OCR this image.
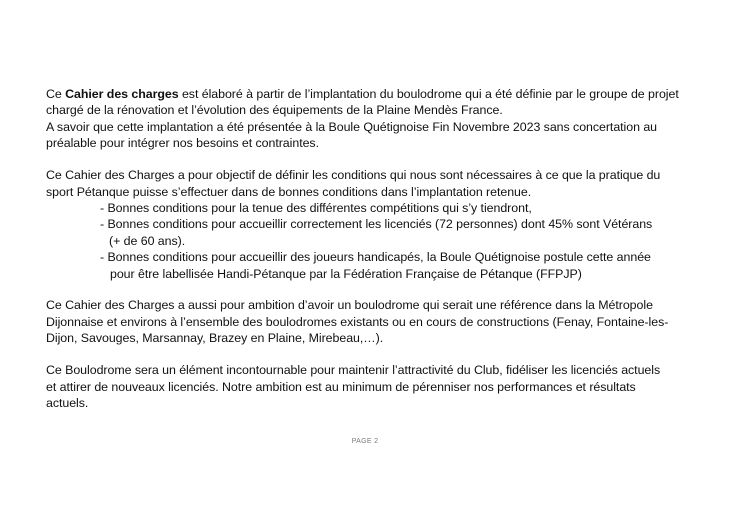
Ce Cahier des charges est élaboré à partir de l’implantation du boulodrome qui a été définie par le groupe de projet
chargé de la rénovation et l’évolution des équipements de la Plaine Mendès France.
A savoir que cette implantation a été présentée à la Boule Quétignoise Fin Novembre 2023 sans concertation au
préalable pour intégrer nos besoins et contraintes.

Ce Cahier des Charges a pour objectif de définir les conditions qui nous sont nécessaires à ce que la pratique du
sport Pétanque puisse s’effectuer dans de bonnes conditions dans l’implantation retenue.
- Bonnes conditions pour la tenue des différentes compétitions qui s’y tiendront,
- Bonnes conditions pour accueillir correctement les licenciés (72 personnes) dont 45% sont Vétérans
(+ de 60 ans).
- Bonnes conditions pour accueillir des joueurs handicapés, la Boule Quétignoise postule cette année
pour être labellisée Handi-Pétanque par la Fédération Française de Pétanque (FFPJP)

Ce Cahier des Charges a aussi pour ambition d’avoir un boulodrome qui serait une référence dans la Métropole
Dijonnaise et environs à l’ensemble des boulodromes existants ou en cours de constructions (Fenay, Fontaine-les-
Dijon, Savouges, Marsannay, Brazey en Plaine, Mirebeau,…).

Ce Boulodrome sera un élément incontournable pour maintenir l’attractivité du Club, fidéliser les licenciés actuels
et attirer de nouveaux licenciés. Notre ambition est au minimum de pérenniser nos performances et résultats
actuels.

PAGE 2
